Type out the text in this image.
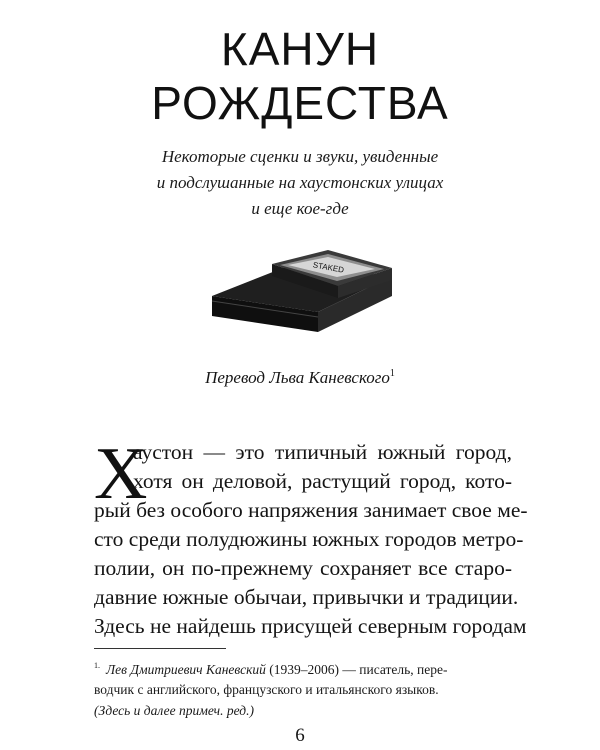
КАНУН
РОЖДЕСТВА
Некоторые сценки и звуки, увиденные
и подслушанные на хаустонских улицах
и еще кое-где
STAKED
Перевод Льва Каневского$^1$
Х
аустон — это типичный южный город,
хотя он деловой, растущий город, кото-
рый без особого напряжения занимает свое ме-
сто среди полудюжины южных городов метро-
полии, он по-прежнему сохраняет все старо-
давние южные обычаи, привычки и традиции.
Здесь не найдешь присущей северным городам
$^{1.}$ Лев Дмитриевич Каневский (1939–2006) — писатель, пере-
водчик с английского, французского и итальянского языков.
(Здесь и далее примеч. ред.)
6
